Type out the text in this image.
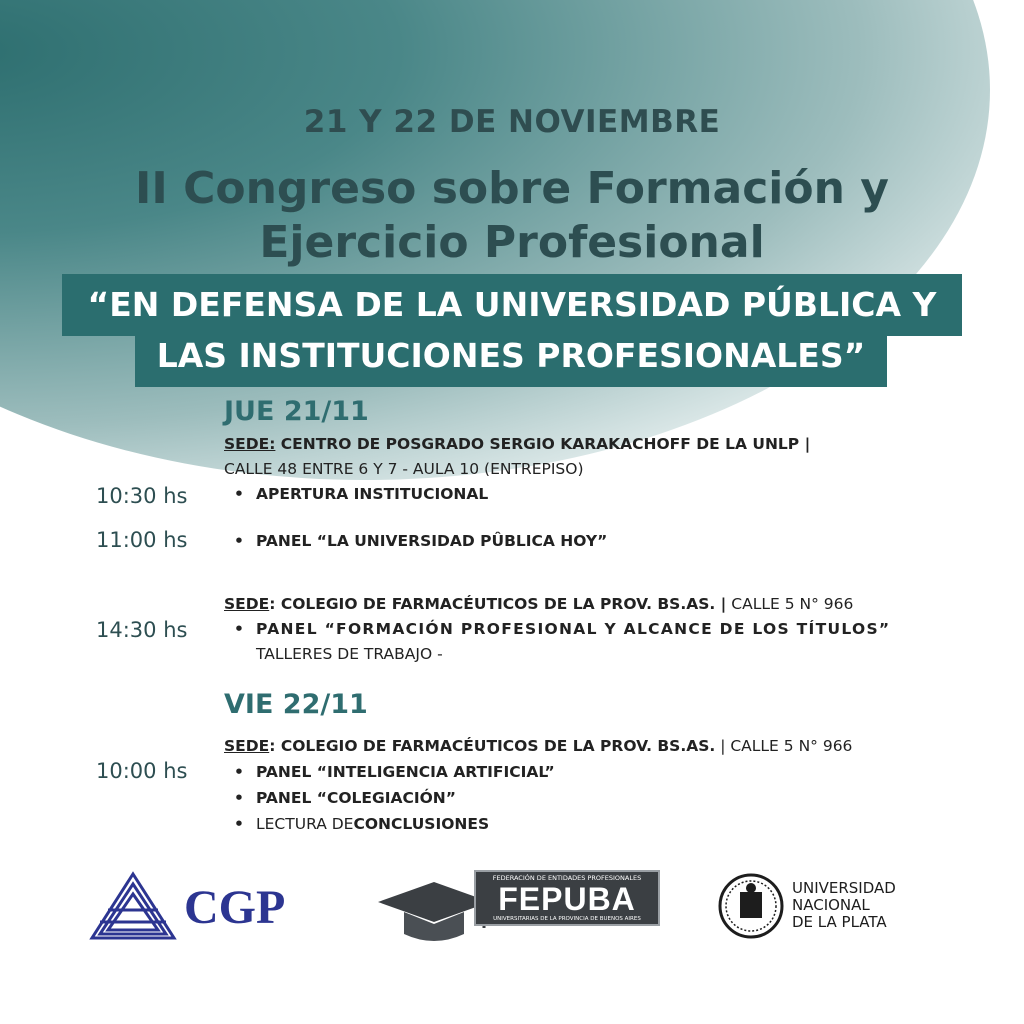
21 Y 22 DE NOVIEMBRE
II Congreso sobre Formación y
Ejercicio Profesional
“EN DEFENSA DE LA UNIVERSIDAD PÚBLICA Y
LAS INSTITUCIONES PROFESIONALES”
JUE 21/11
SEDE: CENTRO DE POSGRADO SERGIO KARAKACHOFF DE LA UNLP |
CALLE 48 ENTRE 6 Y 7 - AULA 10 (ENTREPISO)
10:30 hs	• APERTURA INSTITUCIONAL
11:00 hs	• PANEL “LA UNIVERSIDAD PÛBLICA HOY”
SEDE: COLEGIO DE FARMACÉUTICOS DE LA PROV. BS.AS. | CALLE 5 N° 966
14:30 hs	• PANEL “FORMACIÓN PROFESIONAL Y ALCANCE DE LOS TÍTULOS”
TALLERES DE TRABAJO -
VIE 22/11
SEDE: COLEGIO DE FARMACÉUTICOS DE LA PROV. BS.AS. | CALLE 5 N° 966
10:00 hs	• PANEL “INTELIGENCIA ARTIFICIAL”
• PANEL “COLEGIACIÓN”
• LECTURA DE CONCLUSIONES
CGP
FEDERACIÓN DE ENTIDADES PROFESIONALES
FEPUBA
UNIVERSITARIAS DE LA PROVINCIA DE BUENOS AIRES
UNIVERSIDAD
NACIONAL
DE LA PLATA
